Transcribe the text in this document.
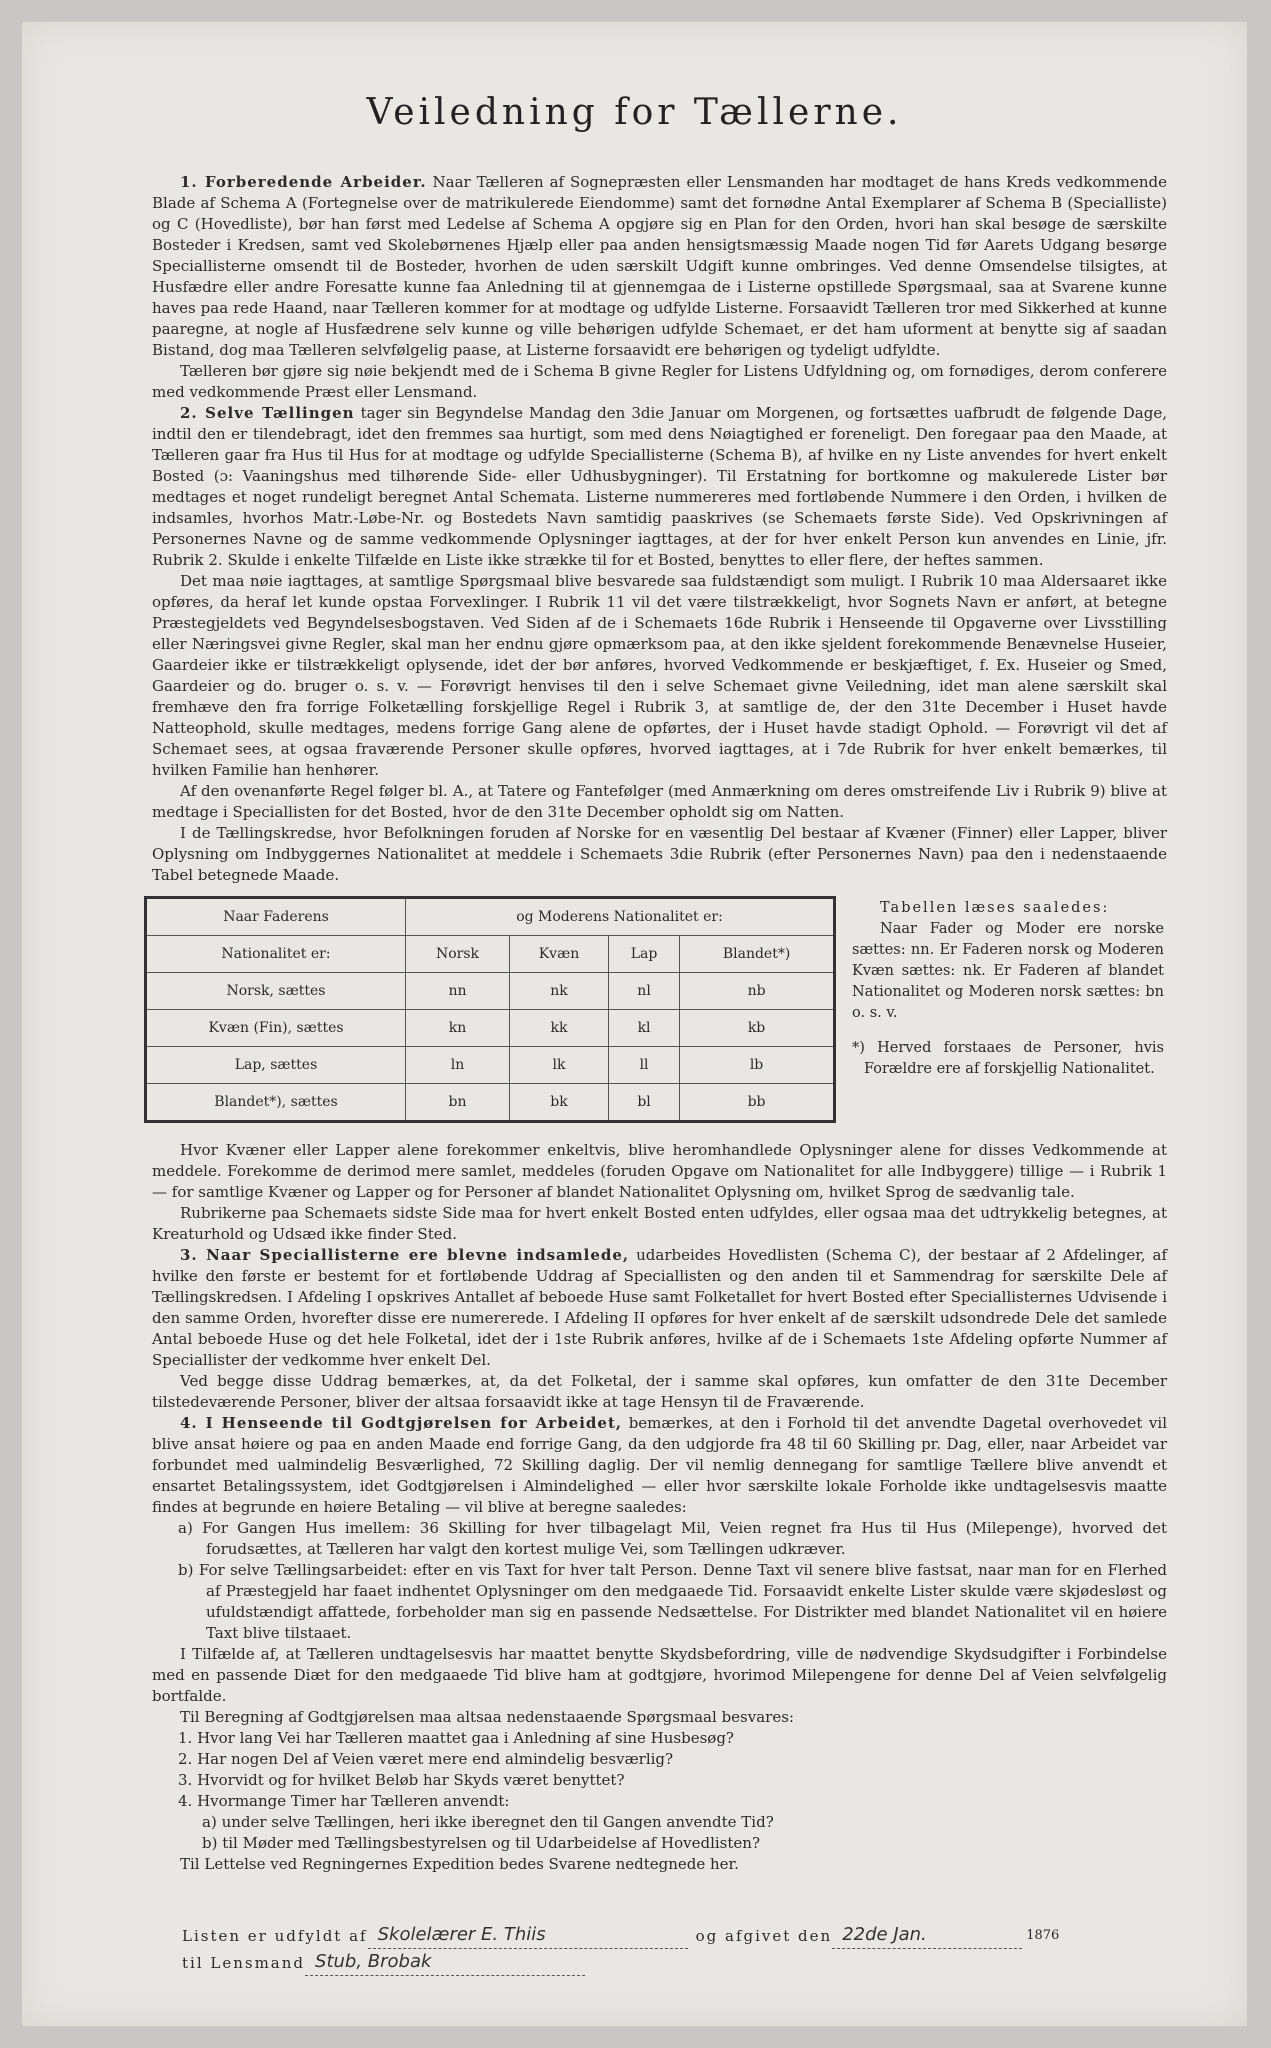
Veiledning for Tællerne.

1. Forberedende Arbeider. Naar Tælleren af Sognepræsten eller Lensmanden har modtaget de hans Kreds vedkommende Blade af Schema A (Fortegnelse over de matrikulerede Eiendomme) samt det fornødne Antal Exemplarer af Schema B (Specialliste) og C (Hovedliste), bør han først med Ledelse af Schema A opgjøre sig en Plan for den Orden, hvori han skal besøge de særskilte Bosteder i Kredsen, samt ved Skolebørnenes Hjælp eller paa anden hensigtsmæssig Maade nogen Tid før Aarets Udgang besørge Speciallisterne omsendt til de Bosteder, hvorhen de uden særskilt Udgift kunne ombringes. Ved denne Omsendelse tilsigtes, at Husfædre eller andre Foresatte kunne faa Anledning til at gjennemgaa de i Listerne opstillede Spørgsmaal, saa at Svarene kunne haves paa rede Haand, naar Tælleren kommer for at modtage og udfylde Listerne. Forsaavidt Tælleren tror med Sikkerhed at kunne paaregne, at nogle af Husfædrene selv kunne og ville behørigen udfylde Schemaet, er det ham uforment at benytte sig af saadan Bistand, dog maa Tælleren selvfølgelig paase, at Listerne forsaavidt ere behørigen og tydeligt udfyldte.

Tælleren bør gjøre sig nøie bekjendt med de i Schema B givne Regler for Listens Udfyldning og, om fornødiges, derom conferere med vedkommende Præst eller Lensmand.

2. Selve Tællingen tager sin Begyndelse Mandag den 3die Januar om Morgenen, og fortsættes uafbrudt de følgende Dage, indtil den er tilendebragt, idet den fremmes saa hurtigt, som med dens Nøiagtighed er foreneligt. Den foregaar paa den Maade, at Tælleren gaar fra Hus til Hus for at modtage og udfylde Speciallisterne (Schema B), af hvilke en ny Liste anvendes for hvert enkelt Bosted (ɔ: Vaaningshus med tilhørende Side- eller Udhusbygninger). Til Erstatning for bortkomne og makulerede Lister bør medtages et noget rundeligt beregnet Antal Schemata. Listerne nummereres med fortløbende Nummere i den Orden, i hvilken de indsamles, hvorhos Matr.-Løbe-Nr. og Bostedets Navn samtidig paaskrives (se Schemaets første Side). Ved Opskrivningen af Personernes Navne og de samme vedkommende Oplysninger iagttages, at der for hver enkelt Person kun anvendes en Linie, jfr. Rubrik 2. Skulde i enkelte Tilfælde en Liste ikke strække til for et Bosted, benyttes to eller flere, der heftes sammen.

Det maa nøie iagttages, at samtlige Spørgsmaal blive besvarede saa fuldstændigt som muligt. I Rubrik 10 maa Aldersaaret ikke opføres, da heraf let kunde opstaa Forvexlinger. I Rubrik 11 vil det være tilstrækkeligt, hvor Sognets Navn er anført, at betegne Præstegjeldets ved Begyndelsesbogstaven. Ved Siden af de i Schemaets 16de Rubrik i Henseende til Opgaverne over Livsstilling eller Næringsvei givne Regler, skal man her endnu gjøre opmærksom paa, at den ikke sjeldent forekommende Benævnelse Huseier, Gaardeier ikke er tilstrækkeligt oplysende, idet der bør anføres, hvorved Vedkommende er beskjæftiget, f. Ex. Huseier og Smed, Gaardeier og do. bruger o. s. v. — Forøvrigt henvises til den i selve Schemaet givne Veiledning, idet man alene særskilt skal fremhæve den fra forrige Folketælling forskjellige Regel i Rubrik 3, at samtlige de, der den 31te December i Huset havde Natteophold, skulle medtages, medens forrige Gang alene de opførtes, der i Huset havde stadigt Ophold. — Forøvrigt vil det af Schemaet sees, at ogsaa fraværende Personer skulle opføres, hvorved iagttages, at i 7de Rubrik for hver enkelt bemærkes, til hvilken Familie han henhører.

Af den ovenanførte Regel følger bl. A., at Tatere og Fantefølger (med Anmærkning om deres omstreifende Liv i Rubrik 9) blive at medtage i Speciallisten for det Bosted, hvor de den 31te December opholdt sig om Natten.

I de Tællingskredse, hvor Befolkningen foruden af Norske for en væsentlig Del bestaar af Kvæner (Finner) eller Lapper, bliver Oplysning om Indbyggernes Nationalitet at meddele i Schemaets 3die Rubrik (efter Personernes Navn) paa den i nedenstaaende Tabel betegnede Maade.

Naar Faderens	og Moderens Nationalitet er:			
Nationalitet er:	Norsk	Kvæn	Lap	Blandet*)
Norsk, sættes	nn	nk	nl	nb
Kvæn (Fin), sættes	kn	kk	kl	kb
Lap, sættes	ln	lk	ll	lb
Blandet*), sættes	bn	bk	bl	bb

Tabellen læses saaledes:

Naar Fader og Moder ere norske sættes: nn. Er Faderen norsk og Moderen Kvæn sættes: nk. Er Faderen af blandet Nationalitet og Moderen norsk sættes: bn o. s. v.

*) Herved forstaaes de Personer, hvis Forældre ere af forskjellig Nationalitet.

Hvor Kvæner eller Lapper alene forekommer enkeltvis, blive heromhandlede Oplysninger alene for disses Vedkommende at meddele. Forekomme de derimod mere samlet, meddeles (foruden Opgave om Nationalitet for alle Indbyggere) tillige — i Rubrik 1 — for samtlige Kvæner og Lapper og for Personer af blandet Nationalitet Oplysning om, hvilket Sprog de sædvanlig tale.

Rubrikerne paa Schemaets sidste Side maa for hvert enkelt Bosted enten udfyldes, eller ogsaa maa det udtrykkelig betegnes, at Kreaturhold og Udsæd ikke finder Sted.

3. Naar Speciallisterne ere blevne indsamlede, udarbeides Hovedlisten (Schema C), der bestaar af 2 Afdelinger, af hvilke den første er bestemt for et fortløbende Uddrag af Speciallisten og den anden til et Sammendrag for særskilte Dele af Tællingskredsen. I Afdeling I opskrives Antallet af beboede Huse samt Folketallet for hvert Bosted efter Speciallisternes Udvisende i den samme Orden, hvorefter disse ere numererede. I Afdeling II opføres for hver enkelt af de særskilt udsondrede Dele det samlede Antal beboede Huse og det hele Folketal, idet der i 1ste Rubrik anføres, hvilke af de i Schemaets 1ste Afdeling opførte Nummer af Speciallister der vedkomme hver enkelt Del.

Ved begge disse Uddrag bemærkes, at, da det Folketal, der i samme skal opføres, kun omfatter de den 31te December tilstedeværende Personer, bliver der altsaa forsaavidt ikke at tage Hensyn til de Fraværende.

4. I Henseende til Godtgjørelsen for Arbeidet, bemærkes, at den i Forhold til det anvendte Dagetal overhovedet vil blive ansat høiere og paa en anden Maade end forrige Gang, da den udgjorde fra 48 til 60 Skilling pr. Dag, eller, naar Arbeidet var forbundet med ualmindelig Besværlighed, 72 Skilling daglig. Der vil nemlig dennegang for samtlige Tællere blive anvendt et ensartet Betalingssystem, idet Godtgjørelsen i Almindelighed — eller hvor særskilte lokale Forholde ikke undtagelsesvis maatte findes at begrunde en høiere Betaling — vil blive at beregne saaledes:

a) For Gangen Hus imellem: 36 Skilling for hver tilbagelagt Mil, Veien regnet fra Hus til Hus (Milepenge), hvorved det forudsættes, at Tælleren har valgt den kortest mulige Vei, som Tællingen udkræver.
b) For selve Tællingsarbeidet: efter en vis Taxt for hver talt Person. Denne Taxt vil senere blive fastsat, naar man for en Flerhed af Præstegjeld har faaet indhentet Oplysninger om den medgaaede Tid. Forsaavidt enkelte Lister skulde være skjødesløst og ufuldstændigt affattede, forbeholder man sig en passende Nedsættelse. For Distrikter med blandet Nationalitet vil en høiere Taxt blive tilstaaet.

I Tilfælde af, at Tælleren undtagelsesvis har maattet benytte Skydsbefordring, ville de nødvendige Skydsudgifter i Forbindelse med en passende Diæt for den medgaaede Tid blive ham at godtgjøre, hvorimod Milepengene for denne Del af Veien selvfølgelig bortfalde.

Til Beregning af Godtgjørelsen maa altsaa nedenstaaende Spørgsmaal besvares:

1. Hvor lang Vei har Tælleren maattet gaa i Anledning af sine Husbesøg?
2. Har nogen Del af Veien været mere end almindelig besværlig?
3. Hvorvidt og for hvilket Beløb har Skyds været benyttet?
4. Hvormange Timer har Tælleren anvendt:
a) under selve Tællingen, heri ikke iberegnet den til Gangen anvendte Tid?
b) til Møder med Tællingsbestyrelsen og til Udarbeidelse af Hovedlisten?

Til Lettelse ved Regningernes Expedition bedes Svarene nedtegnede her.

Listen er udfyldt af Skolelærer E. Thiis	og afgivet den 22de Jan.	1876
til Lensmand Stub, Brobak
